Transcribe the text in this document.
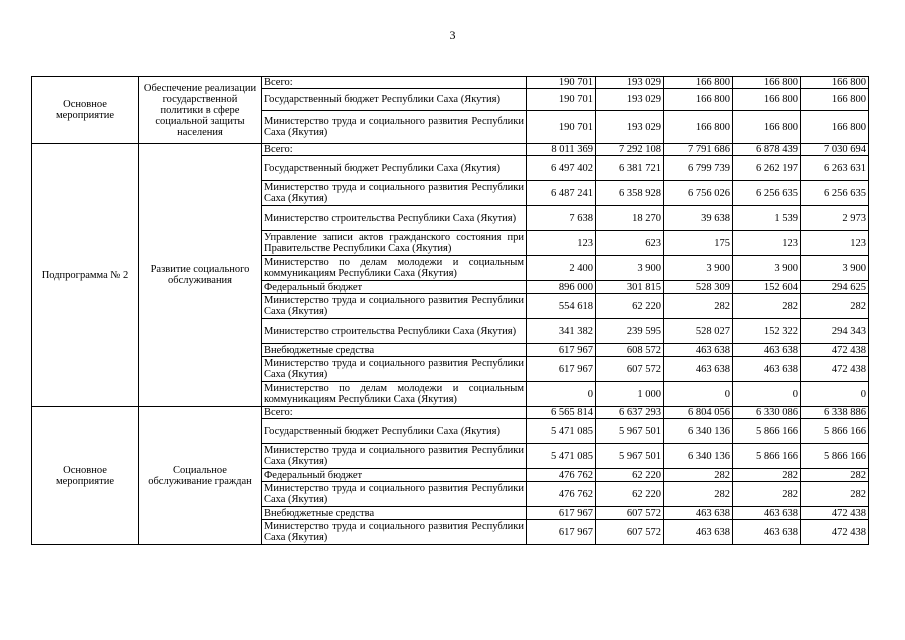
3
Основное мероприятие	Обеспечение реализации государственной политики в сфере социальной защиты населения	Всего:	190 701	193 029	166 800	166 800	166 800
		Государственный бюджет Республики Саха (Якутия)	190 701	193 029	166 800	166 800	166 800
		Министерство труда и социального развития Республики Саха (Якутия)	190 701	193 029	166 800	166 800	166 800
Подпрограмма № 2	Развитие социального обслуживания	Всего:	8 011 369	7 292 108	7 791 686	6 878 439	7 030 694
		Государственный бюджет Республики Саха (Якутия)	6 497 402	6 381 721	6 799 739	6 262 197	6 263 631
		Министерство труда и социального развития Республики Саха (Якутия)	6 487 241	6 358 928	6 756 026	6 256 635	6 256 635
		Министерство строительства Республики Саха (Якутия)	7 638	18 270	39 638	1 539	2 973
		Управление записи актов гражданского состояния при Правительстве Республики Саха (Якутия)	123	623	175	123	123
		Министерство по делам молодежи и социальным коммуникациям Республики Саха (Якутия)	2 400	3 900	3 900	3 900	3 900
		Федеральный бюджет	896 000	301 815	528 309	152 604	294 625
		Министерство труда и социального развития Республики Саха (Якутия)	554 618	62 220	282	282	282
		Министерство строительства Республики Саха (Якутия)	341 382	239 595	528 027	152 322	294 343
		Внебюджетные средства	617 967	608 572	463 638	463 638	472 438
		Министерство труда и социального развития Республики Саха (Якутия)	617 967	607 572	463 638	463 638	472 438
		Министерство по делам молодежи и социальным коммуникациям Республики Саха (Якутия)	0	1 000	0	0	0
Основное мероприятие	Социальное обслуживание граждан	Всего:	6 565 814	6 637 293	6 804 056	6 330 086	6 338 886
		Государственный бюджет Республики Саха (Якутия)	5 471 085	5 967 501	6 340 136	5 866 166	5 866 166
		Министерство труда и социального развития Республики Саха (Якутия)	5 471 085	5 967 501	6 340 136	5 866 166	5 866 166
		Федеральный бюджет	476 762	62 220	282	282	282
		Министерство труда и социального развития Республики Саха (Якутия)	476 762	62 220	282	282	282
		Внебюджетные средства	617 967	607 572	463 638	463 638	472 438
		Министерство труда и социального развития Республики Саха (Якутия)	617 967	607 572	463 638	463 638	472 438
